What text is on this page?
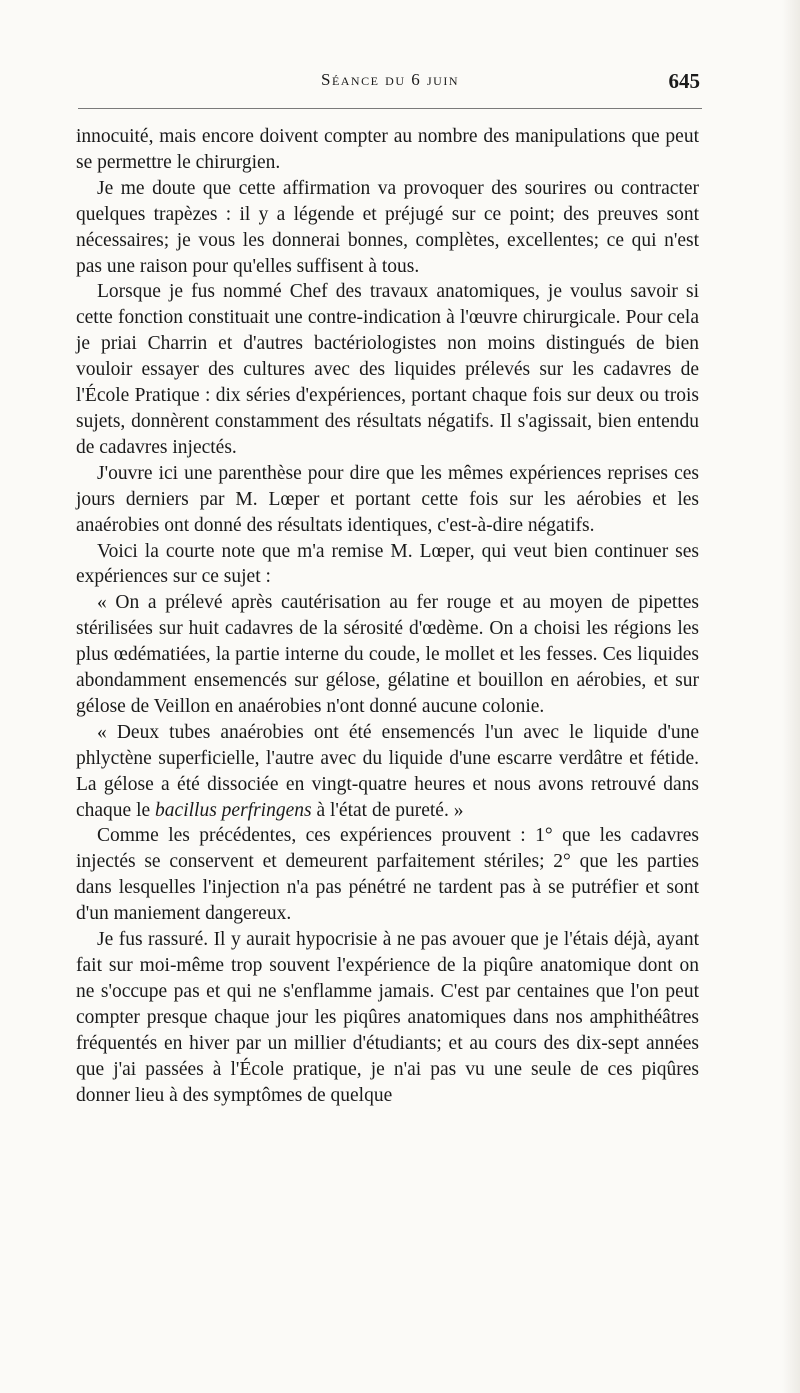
Séance du 6 juin	645

innocuité, mais encore doivent compter au nombre des manipulations que peut se permettre le chirurgien.

Je me doute que cette affirmation va provoquer des sourires ou contracter quelques trapèzes : il y a légende et préjugé sur ce point; des preuves sont nécessaires; je vous les donnerai bonnes, complètes, excellentes; ce qui n'est pas une raison pour qu'elles suffisent à tous.

Lorsque je fus nommé Chef des travaux anatomiques, je voulus savoir si cette fonction constituait une contre-indication à l'œuvre chirurgicale. Pour cela je priai Charrin et d'autres bactériologistes non moins distingués de bien vouloir essayer des cultures avec des liquides prélevés sur les cadavres de l'École Pratique : dix séries d'expériences, portant chaque fois sur deux ou trois sujets, donnèrent constamment des résultats négatifs. Il s'agissait, bien entendu de cadavres injectés.

J'ouvre ici une parenthèse pour dire que les mêmes expériences reprises ces jours derniers par M. Lœper et portant cette fois sur les aérobies et les anaérobies ont donné des résultats identiques, c'est-à-dire négatifs.

Voici la courte note que m'a remise M. Lœper, qui veut bien continuer ses expériences sur ce sujet :

« On a prélevé après cautérisation au fer rouge et au moyen de pipettes stérilisées sur huit cadavres de la sérosité d'œdème. On a choisi les régions les plus œdématiées, la partie interne du coude, le mollet et les fesses. Ces liquides abondamment ensemencés sur gélose, gélatine et bouillon en aérobies, et sur gélose de Veillon en anaérobies n'ont donné aucune colonie.

« Deux tubes anaérobies ont été ensemencés l'un avec le liquide d'une phlyctène superficielle, l'autre avec du liquide d'une escarre verdâtre et fétide. La gélose a été dissociée en vingt-quatre heures et nous avons retrouvé dans chaque le bacillus perfringens à l'état de pureté. »

Comme les précédentes, ces expériences prouvent : 1° que les cadavres injectés se conservent et demeurent parfaitement stériles; 2° que les parties dans lesquelles l'injection n'a pas pénétré ne tardent pas à se putréfier et sont d'un maniement dangereux.

Je fus rassuré. Il y aurait hypocrisie à ne pas avouer que je l'étais déjà, ayant fait sur moi-même trop souvent l'expérience de la piqûre anatomique dont on ne s'occupe pas et qui ne s'enflamme jamais. C'est par centaines que l'on peut compter presque chaque jour les piqûres anatomiques dans nos amphithéâtres fréquentés en hiver par un millier d'étudiants; et au cours des dix-sept années que j'ai passées à l'École pratique, je n'ai pas vu une seule de ces piqûres donner lieu à des symptômes de quelque
